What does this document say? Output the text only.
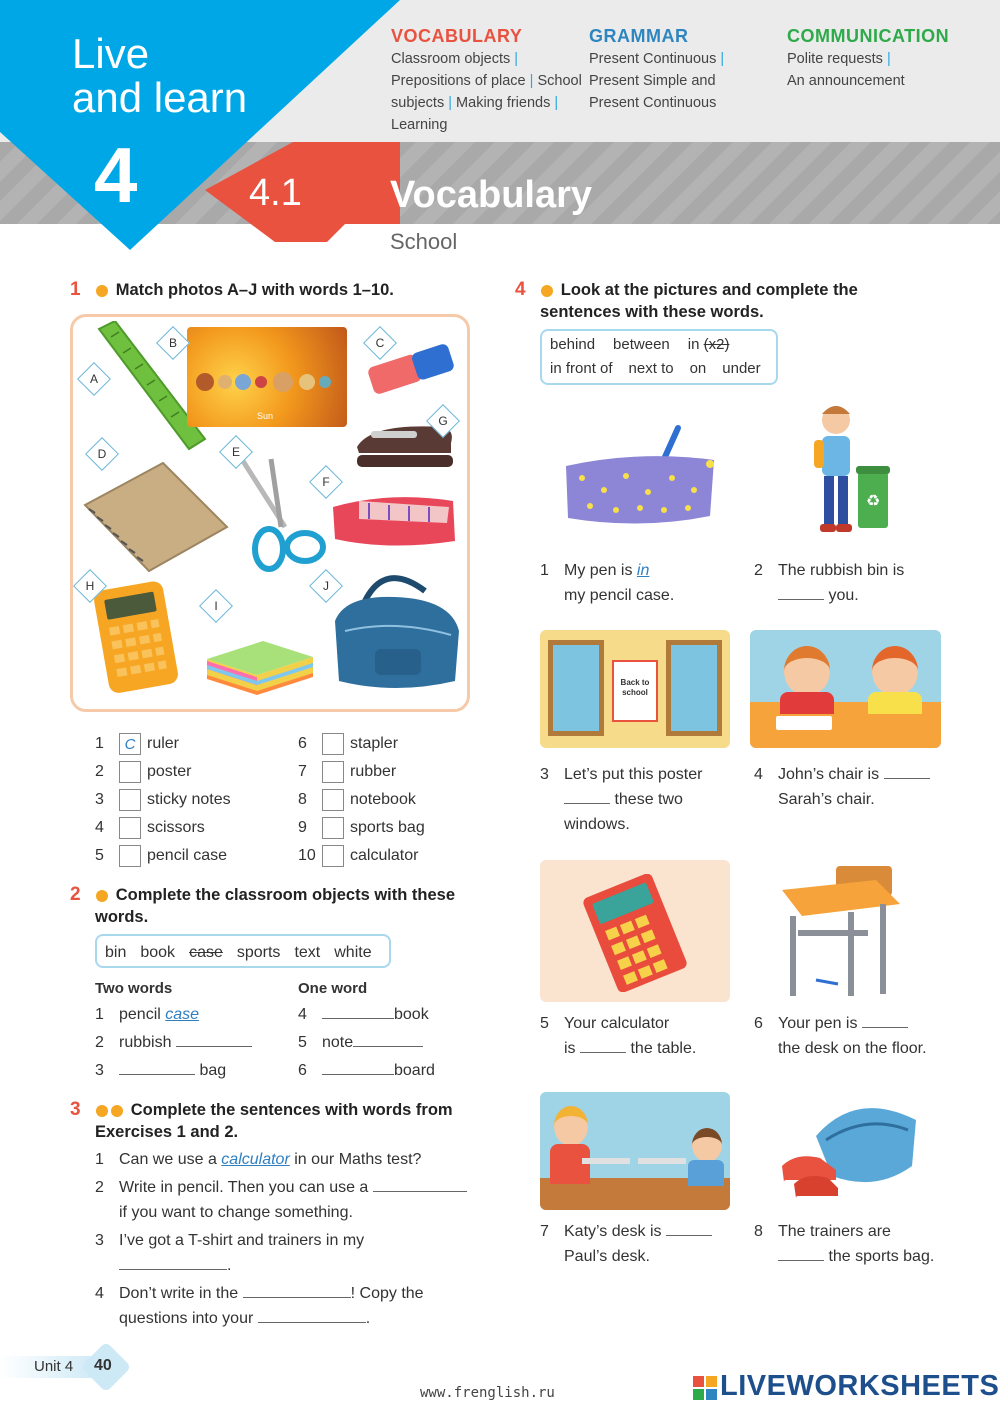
Live
and learn
4	4.1 Vocabulary
School
VOCABULARY
Classroom objects |
Prepositions of place | School
subjects | Making friends |
Learning
GRAMMAR
Present Continuous |
Present Simple and
Present Continuous
COMMUNICATION
Polite requests |
An announcement
1 Match photos A–J with words 1–10.
Sun
A
B	C
D	E
F
G
H
I
J
1 C ruler
2	poster
3	sticky notes
4	scissors
5	pencil case
6	stapler
7	rubber
8	notebook
9	sports bag
10 calculator
2 Complete the classroom objects with these
words.
bin book case sports text white
Two words	One word
1 pencil case
2 rubbish
3	bag
4	book
5 note
6	board
3	Complete the sentences with words from
Exercises 1 and 2.
1 Can we use a calculator in our Maths test?
2 Write in pencil. Then you can use a
if you want to change something.
3 I’ve got a T-shirt and trainers in my
.
4 Don’t write in the	! Copy the
questions into your	.
4 Look at the pictures and complete the
sentences with these words.
behind between in (x2)
in front of next to on under
♻
1 My pen is in
my pencil case.
2 The rubbish bin is
you.
Back to school
3 Let’s put this poster
these two
windows.
4 John’s chair is
Sarah’s chair.
5 Your calculator
is	the table.
6 Your pen is
the desk on the floor.
7 Katy’s desk is
Paul’s desk.
8 The trainers are
the sports bag.
Unit 4 40
www.frenglish.ru	LIVEWORKSHEETS
